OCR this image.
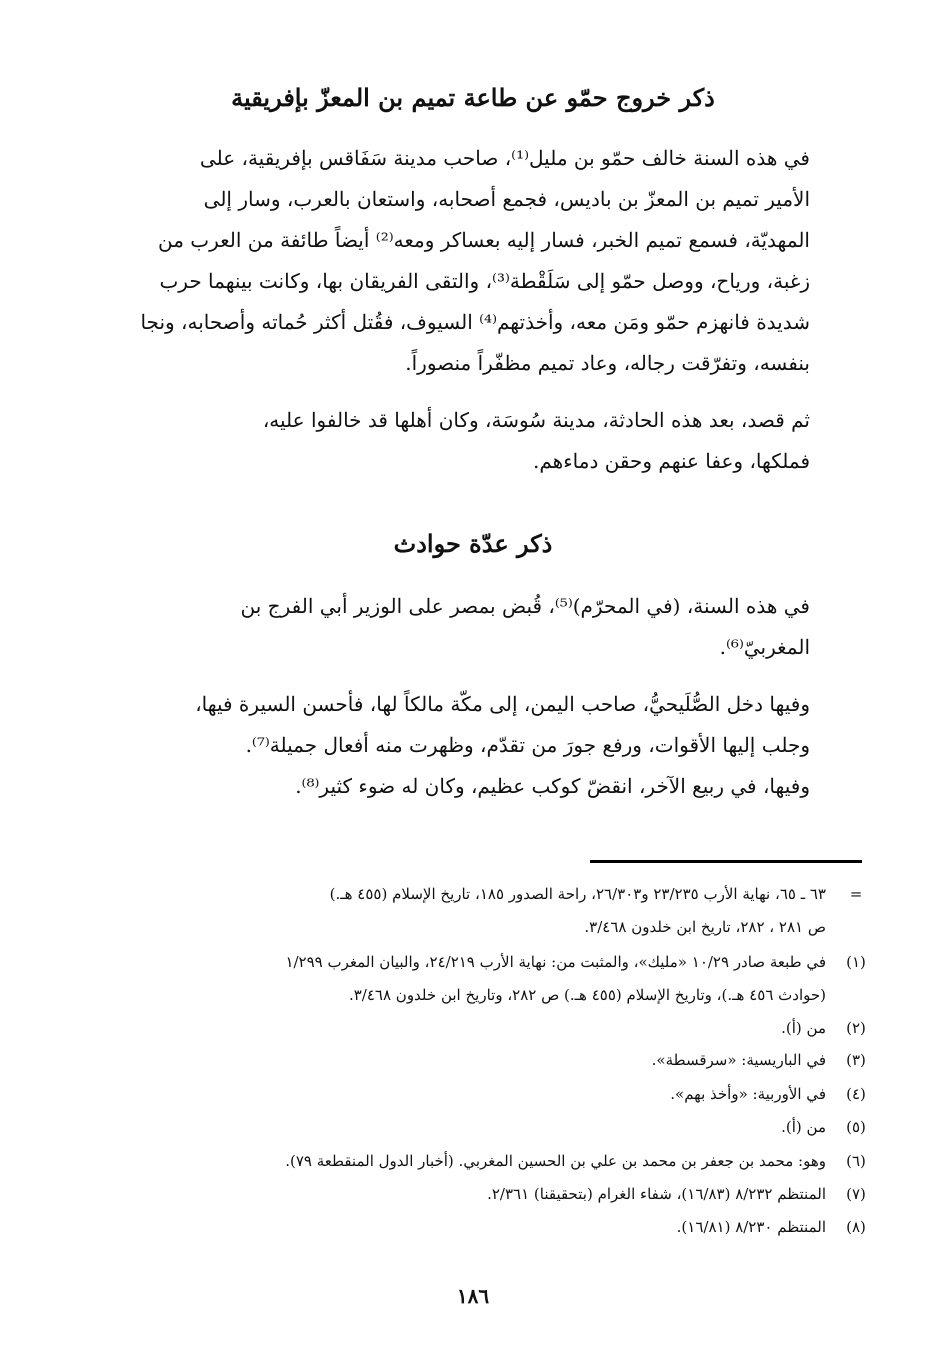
ذكر خروج حمّو عن طاعة تميم بن المعزّ بإفريقية
في هذه السنة خالف حمّو بن مليل⁽¹⁾، صاحب مدينة سَفَاقس بإفريقية، على
الأمير تميم بن المعزّ بن باديس، فجمع أصحابه، واستعان بالعرب، وسار إلى
المهديّة، فسمع تميم الخبر، فسار إليه بعساكر ومعه⁽²⁾ أيضاً طائفة من العرب من
زغبة، ورياح، ووصل حمّو إلى سَلَقْطة⁽³⁾، والتقى الفريقان بها، وكانت بينهما حرب
شديدة فانهزم حمّو ومَن معه، وأخذتهم⁽⁴⁾ السيوف، فقُتل أكثر حُماته وأصحابه، ونجا
بنفسه، وتفرّقت رجاله، وعاد تميم مظفّراً منصوراً.
ثم قصد، بعد هذه الحادثة، مدينة سُوسَة، وكان أهلها قد خالفوا عليه،
فملكها، وعفا عنهم وحقن دماءهم.
ذكر عدّة حوادث
في هذه السنة، (في المحرّم)⁽⁵⁾، قُبض بمصر على الوزير أبي الفرج بن
المغربيّ⁽⁶⁾.
وفيها دخل الصُّلَيحيُّ، صاحب اليمن، إلى مكّة مالكاً لها، فأحسن السيرة فيها،
وجلب إليها الأقوات، ورفع جورَ من تقدّم، وظهرت منه أفعال جميلة⁽⁷⁾.
وفيها، في ربيع الآخر، انقضّ كوكب عظيم، وكان له ضوء كثير⁽⁸⁾.
=٦٣ ـ ٦٥، نهاية الأرب ٢٣/٢٣٥ و٢٦/٣٠٣، راحة الصدور ١٨٥، تاريخ الإسلام (٤٥٥ هـ.)
ص ٢٨١ ، ٢٨٢، تاريخ ابن خلدون ٣/٤٦٨.
(١)في طبعة صادر ١٠/٢٩ «مليك»، والمثبت من: نهاية الأرب ٢٤/٢١٩، والبيان المغرب ١/٢٩٩
(حوادث ٤٥٦ هـ.)، وتاريخ الإسلام (٤٥٥ هـ.) ص ٢٨٢، وتاريخ ابن خلدون ٣/٤٦٨.
(٢)من (أ).
(٣)في الباريسية: «سرقسطة».
(٤)في الأوربية: «وأخذ بهم».
(٥)من (أ).
(٦)وهو: محمد بن جعفر بن محمد بن علي بن الحسين المغربي. (أخبار الدول المنقطعة ٧٩).
(٧)المنتظم ٨/٢٣٢ (١٦/٨٣)، شفاء الغرام (بتحقيقنا) ٢/٣٦١.
(٨)المنتظم ٨/٢٣٠ (١٦/٨١).
١٨٦
